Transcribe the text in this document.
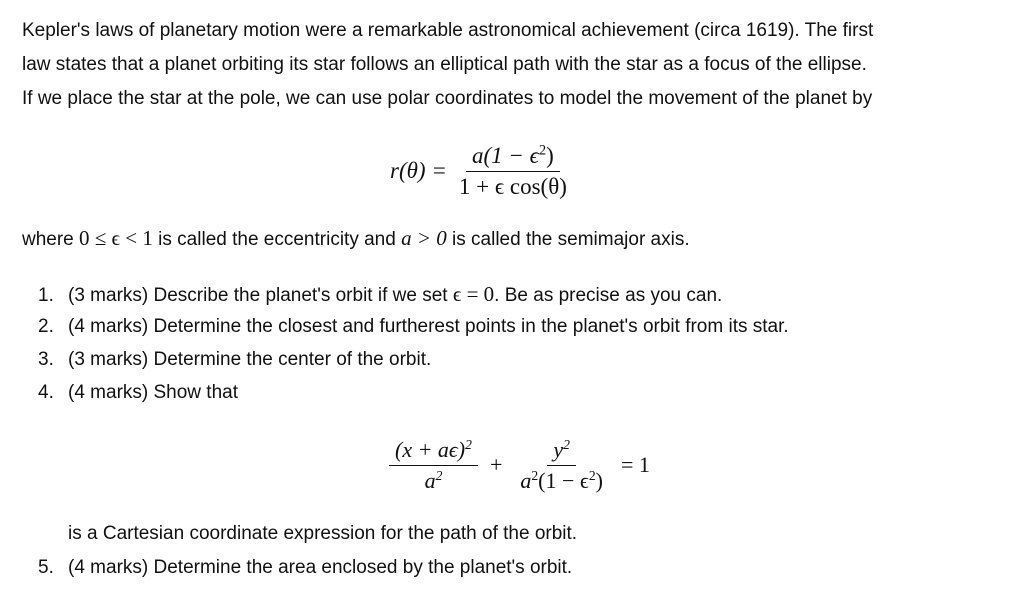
Kepler's laws of planetary motion were a remarkable astronomical achievement (circa 1619). The first
law states that a planet orbiting its star follows an elliptical path with the star as a focus of the ellipse.
If we place the star at the pole, we can use polar coordinates to model the movement of the planet by

$r(\theta) = \frac{a(1 - \epsilon^2)}{\text{1 + ϵ cos(θ)}}$

where 0 ≤ ϵ < 1 is called the eccentricity and a > 0 is called the semimajor axis.

1. (3 marks) Describe the planet's orbit if we set ϵ = 0. Be as precise as you can.
2. (4 marks) Determine the closest and furtherest points in the planet's orbit from its star.
3. (3 marks) Determine the center of the orbit.
4. (4 marks) Show that
is a Cartesian coordinate expression for the path of the orbit.
5. (4 marks) Determine the area enclosed by the planet's orbit.
$\frac{(x + a\epsilon)^2}{a^2} + \frac{y^2}{a^2(1 - \epsilon^2)} = 1$
